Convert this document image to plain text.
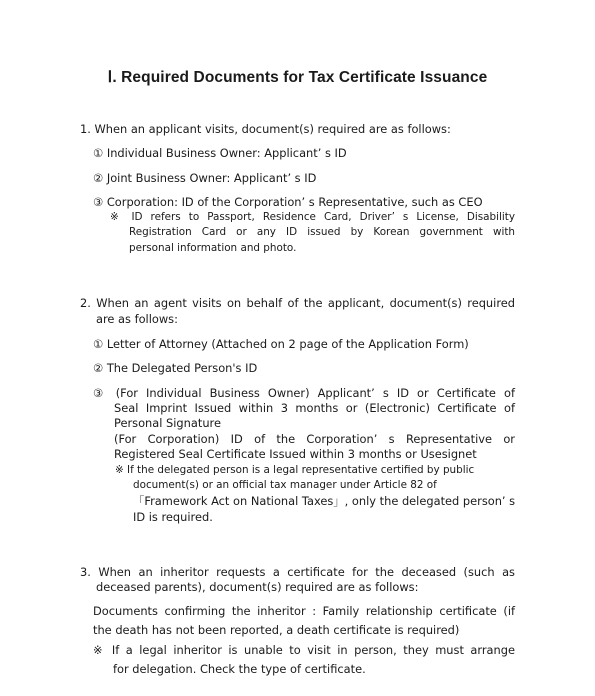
Ⅰ. Required Documents for Tax Certificate Issuance
1. When an applicant visits, document(s) required are as follows:
① Individual Business Owner: Applicant’ s ID
② Joint Business Owner: Applicant’ s ID
③ Corporation: ID of the Corporation’ s Representative, such as CEO
※ ID refers to Passport, Residence Card, Driver’ s License, Disability
Registration Card or any ID issued by Korean government with
personal information and photo.
2. When an agent visits on behalf of the applicant, document(s) required
are as follows:
① Letter of Attorney (Attached on 2 page of the Application Form)
② The Delegated Person's ID
③ (For Individual Business Owner) Applicant’ s ID or Certificate of
Seal Imprint Issued within 3 months or (Electronic) Certificate of
Personal Signature
(For Corporation) ID of the Corporation’ s Representative or
Registered Seal Certificate Issued within 3 months or Usesignet
※ If the delegated person is a legal representative certified by public
document(s) or an official tax manager under Article 82 of
「Framework Act on National Taxes」, only the delegated person’ s
ID is required.
3. When an inheritor requests a certificate for the deceased (such as
deceased parents), document(s) required are as follows:
Documents confirming the inheritor : Family relationship certificate (if
the death has not been reported, a death certificate is required)
※ If a legal inheritor is unable to visit in person, they must arrange
for delegation. Check the type of certificate.
